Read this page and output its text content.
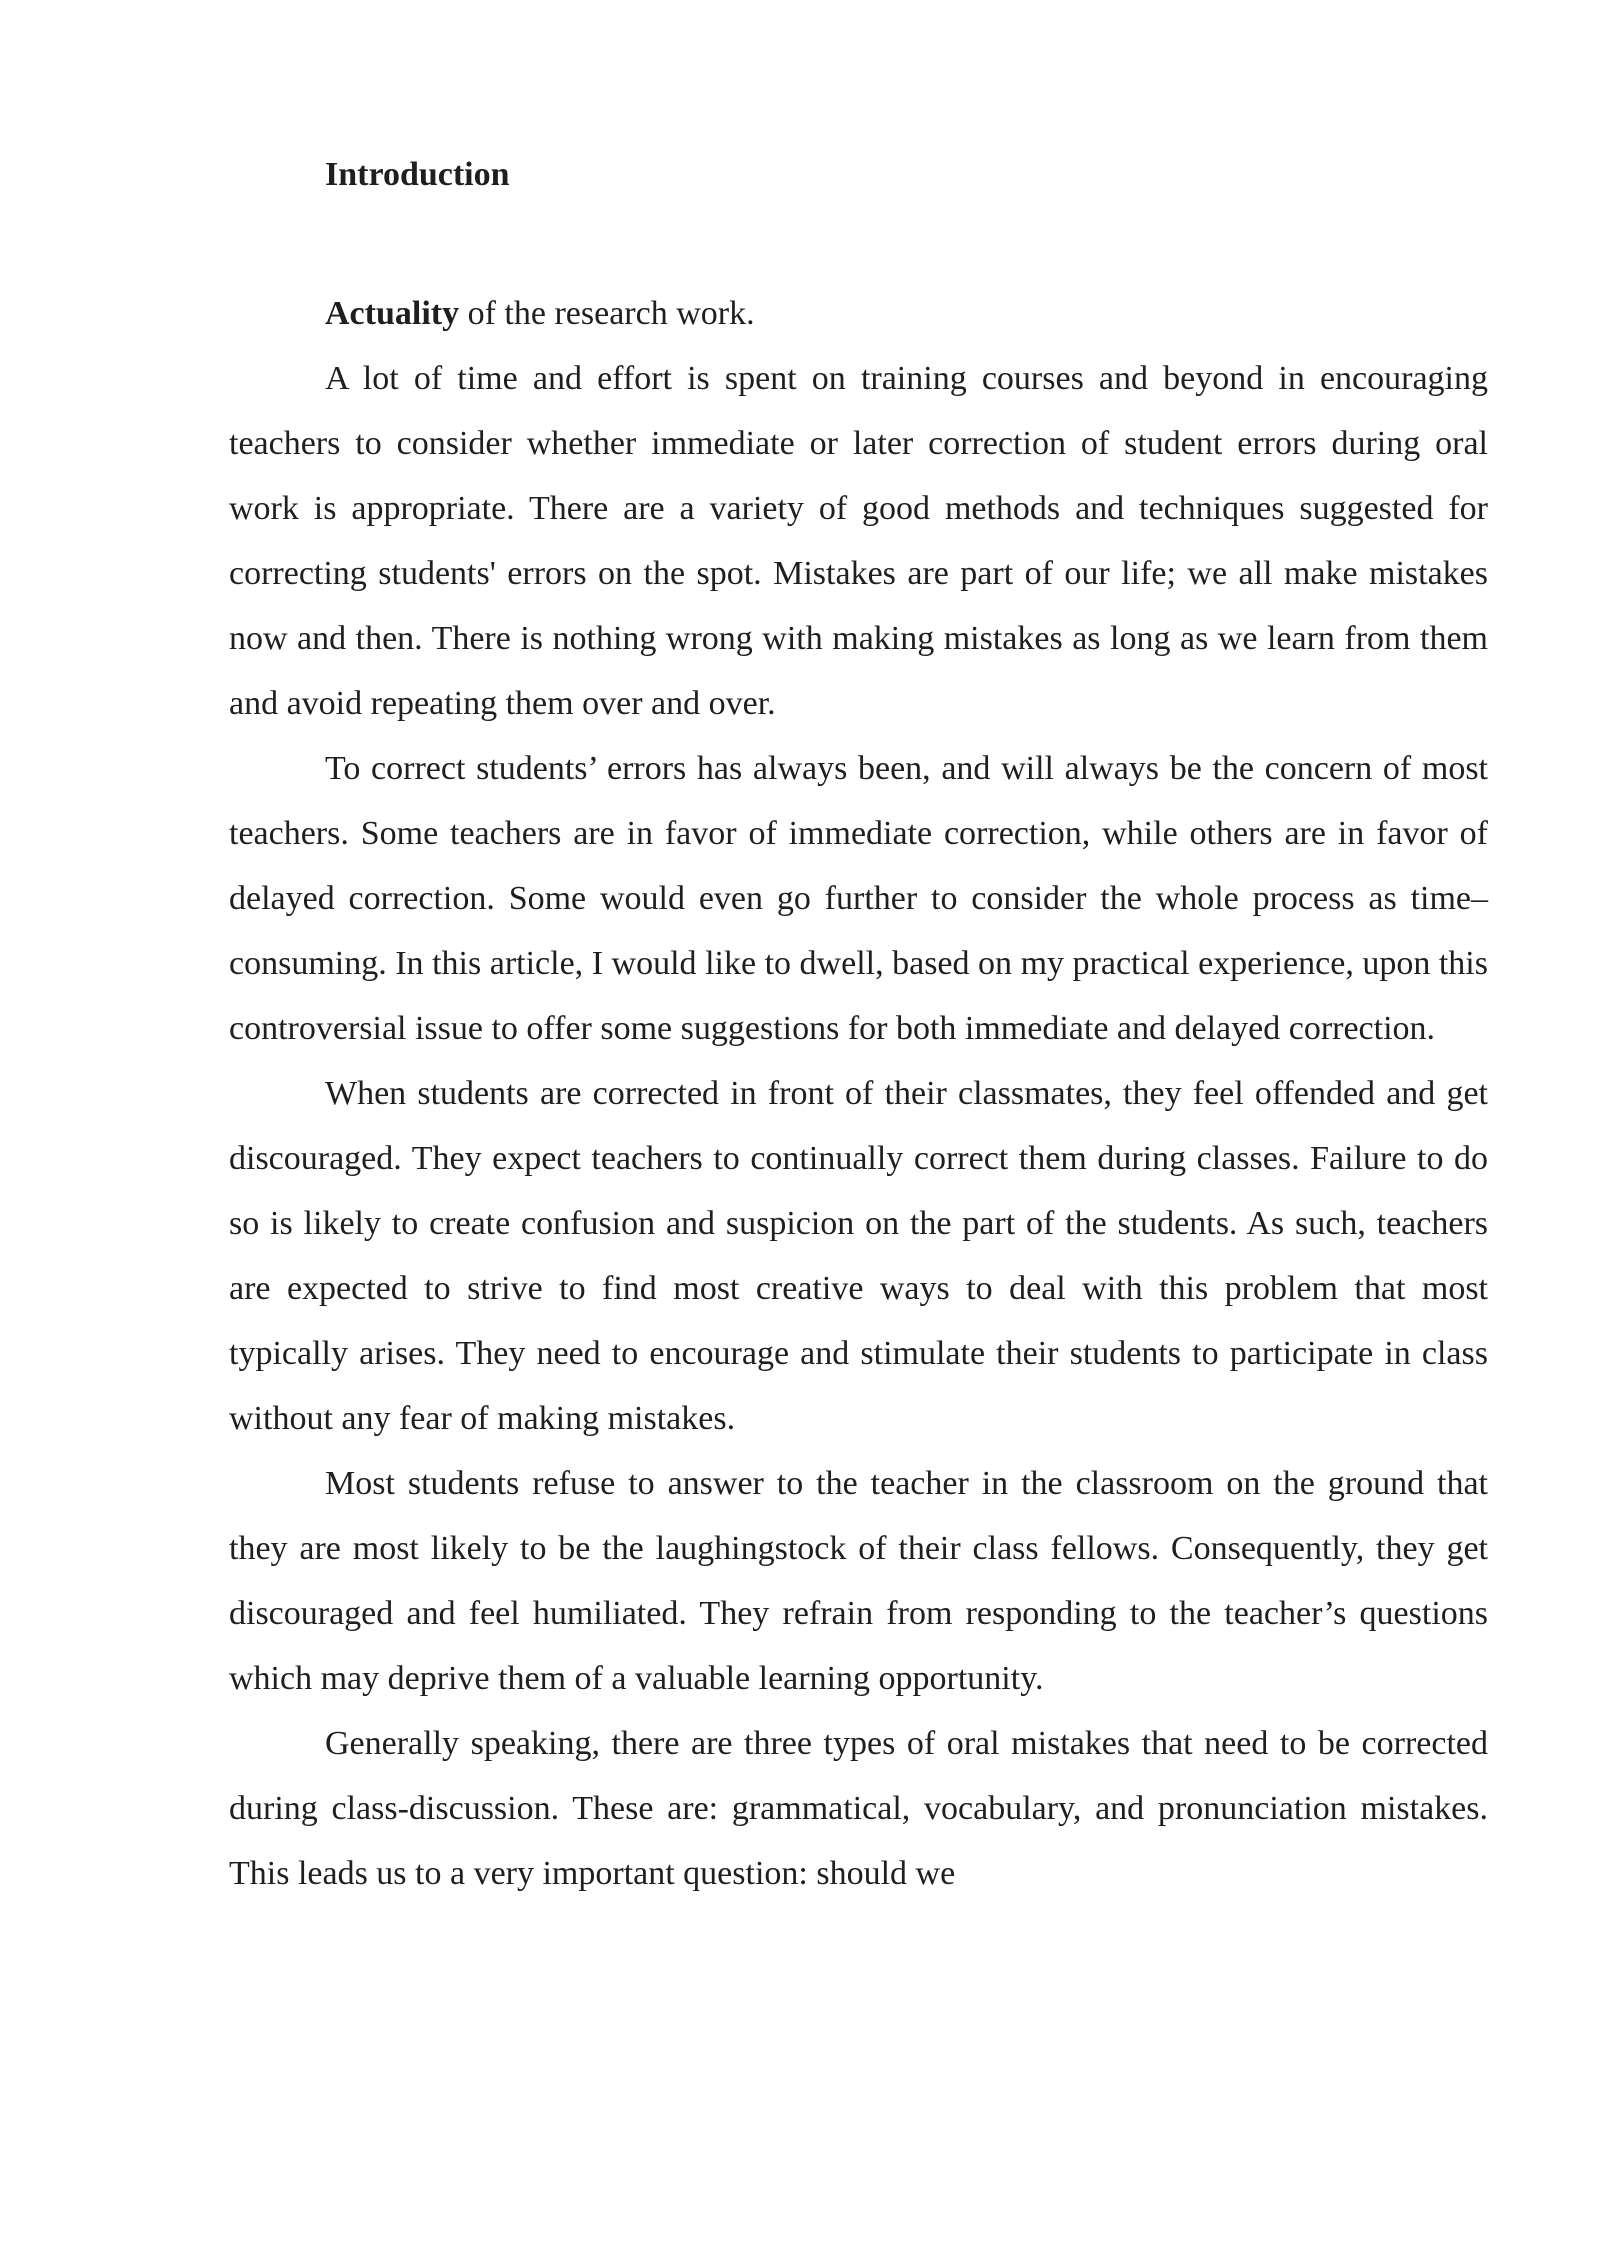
Introduction

Actuality of the research work.

A lot of time and effort is spent on training courses and beyond in encouraging teachers to consider whether immediate or later correction of student errors during oral work is appropriate. There are a variety of good methods and techniques suggested for correcting students' errors on the spot. Mistakes are part of our life; we all make mistakes now and then. There is nothing wrong with making mistakes as long as we learn from them and avoid repeating them over and over.

To correct students’ errors has always been, and will always be the concern of most teachers. Some teachers are in favor of immediate correction, while others are in favor of delayed correction. Some would even go further to consider the whole process as time–consuming. In this article, I would like to dwell, based on my practical experience, upon this controversial issue to offer some suggestions for both immediate and delayed correction.

When students are corrected in front of their classmates, they feel offended and get discouraged. They expect teachers to continually correct them during classes. Failure to do so is likely to create confusion and suspicion on the part of the students. As such, teachers are expected to strive to find most creative ways to deal with this problem that most typically arises. They need to encourage and stimulate their students to participate in class without any fear of making mistakes.

Most students refuse to answer to the teacher in the classroom on the ground that they are most likely to be the laughingstock of their class fellows. Consequently, they get discouraged and feel humiliated. They refrain from responding to the teacher’s questions which may deprive them of a valuable learning opportunity.

Generally speaking, there are three types of oral mistakes that need to be corrected during class-discussion. These are: grammatical, vocabulary, and pronunciation mistakes. This leads us to a very important question: should we
